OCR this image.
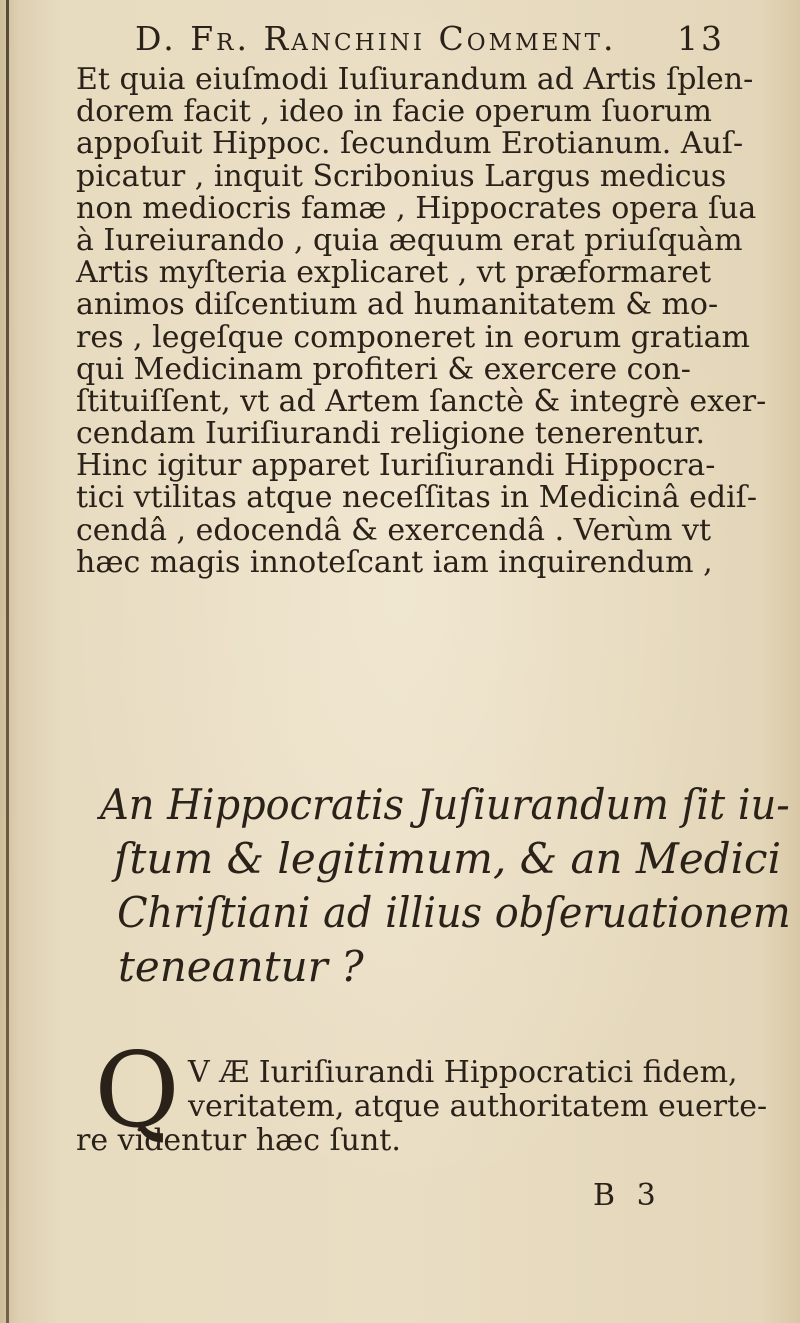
D. Fr. Ranchini Comment. 13
Et quia eiuſmodi Iuſiurandum ad Artis ſplen-
dorem facit , ideo in facie operum ſuorum
appoſuit Hippoc. ſecundum Erotianum. Auſ-
picatur , inquit Scribonius Largus medicus
non mediocris famæ , Hippocrates opera ſua
à Iureiurando , quia æquum erat priuſquàm
Artis myſteria explicaret , vt præformaret
animos diſcentium ad humanitatem & mo-
res , legeſque componeret in eorum gratiam
qui Medicinam profiteri & exercere con-
ſtituiſſent, vt ad Artem ſanctè & integrè exer-
cendam Iuriſiurandi religione tenerentur.
Hinc igitur apparet Iuriſiurandi Hippocra-
tici vtilitas atque neceſſitas in Medicinâ ediſ-
cendâ , edocendâ & exercendâ . Verùm vt
hæc magis innoteſcant iam inquirendum ,
An Hippocratis Juſiurandum ſit iu-
ſtum & legitimum, & an Medici
Chriſtiani ad illius obſeruationem
teneantur ?
Q V Æ Iuriſiurandi Hippocratici fidem,
veritatem, atque authoritatem euerte-
re videntur hæc ſunt.
B 3
